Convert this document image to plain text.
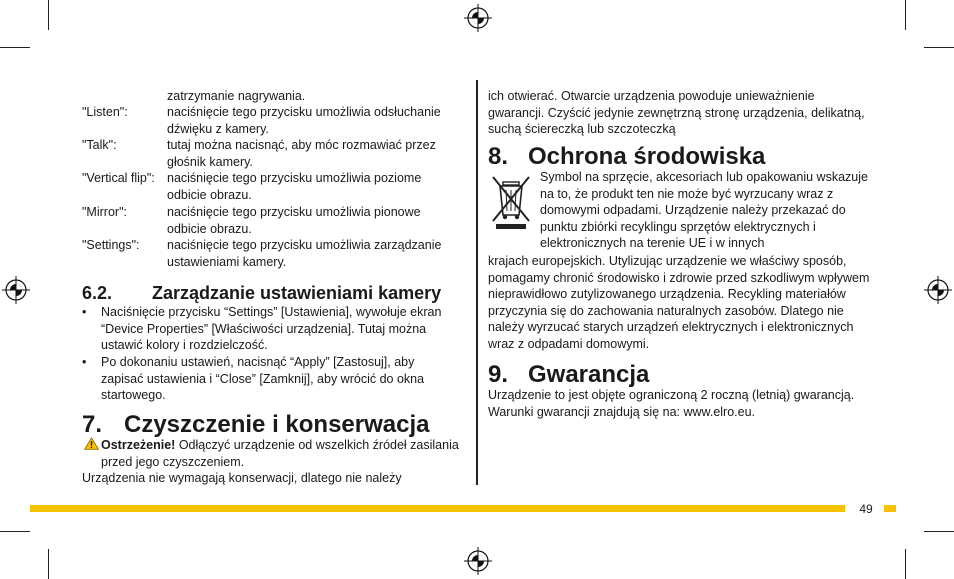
zatrzymanie nagrywania.
"Listen":	naciśnięcie tego przycisku umożliwia odsłuchanie dźwięku z kamery.
"Talk":	tutaj można nacisnąć, aby móc rozmawiać przez głośnik kamery.
"Vertical flip": naciśnięcie tego przycisku umożliwia poziome odbicie obrazu.
"Mirror":	naciśnięcie tego przycisku umożliwia pionowe odbicie obrazu.
"Settings":	naciśnięcie tego przycisku umożliwia zarządzanie ustawieniami kamery.
6.2. Zarządzanie ustawieniami kamery
•	Naciśnięcie przycisku “Settings” [Ustawienia], wywołuje ekran “Device Properties” [Właściwości urządzenia]. Tutaj można ustawić kolory i rozdzielczość.
•	Po dokonaniu ustawień, nacisnąć “Apply” [Zastosuj], aby zapisać ustawienia i “Close” [Zamknij], aby wrócić do okna startowego.
7. Czyszczenie i konserwacja
Ostrzeżenie! Odłączyć urządzenie od wszelkich źródeł zasilania przed jego czyszczeniem.
Urządzenia nie wymagają konserwacji, dlatego nie należy
ich otwierać. Otwarcie urządzenia powoduje unieważnienie gwarancji. Czyścić jedynie zewnętrzną stronę urządzenia, delikatną, suchą ściereczką lub szczoteczką
8. Ochrona środowiska
Symbol na sprzęcie, akcesoriach lub opakowaniu wskazuje na to, że produkt ten nie może być wyrzucany wraz z domowymi odpadami. Urządzenie należy przekazać do punktu zbiórki recyklingu sprzętów elektrycznych i elektronicznych na terenie UE i w innych
krajach europejskich. Utylizując urządzenie we właściwy sposób, pomagamy chronić środowisko i zdrowie przed szkodliwym wpływem nieprawidłowo zutylizowanego urządzenia. Recykling materiałów przyczynia się do zachowania naturalnych zasobów. Dlatego nie należy wyrzucać starych urządzeń elektrycznych i elektronicznych wraz z odpadami domowymi.
9. Gwarancja
Urządzenie to jest objęte ograniczoną 2 roczną (letnią) gwarancją. Warunki gwarancji znajdują się na: www.elro.eu.
49
